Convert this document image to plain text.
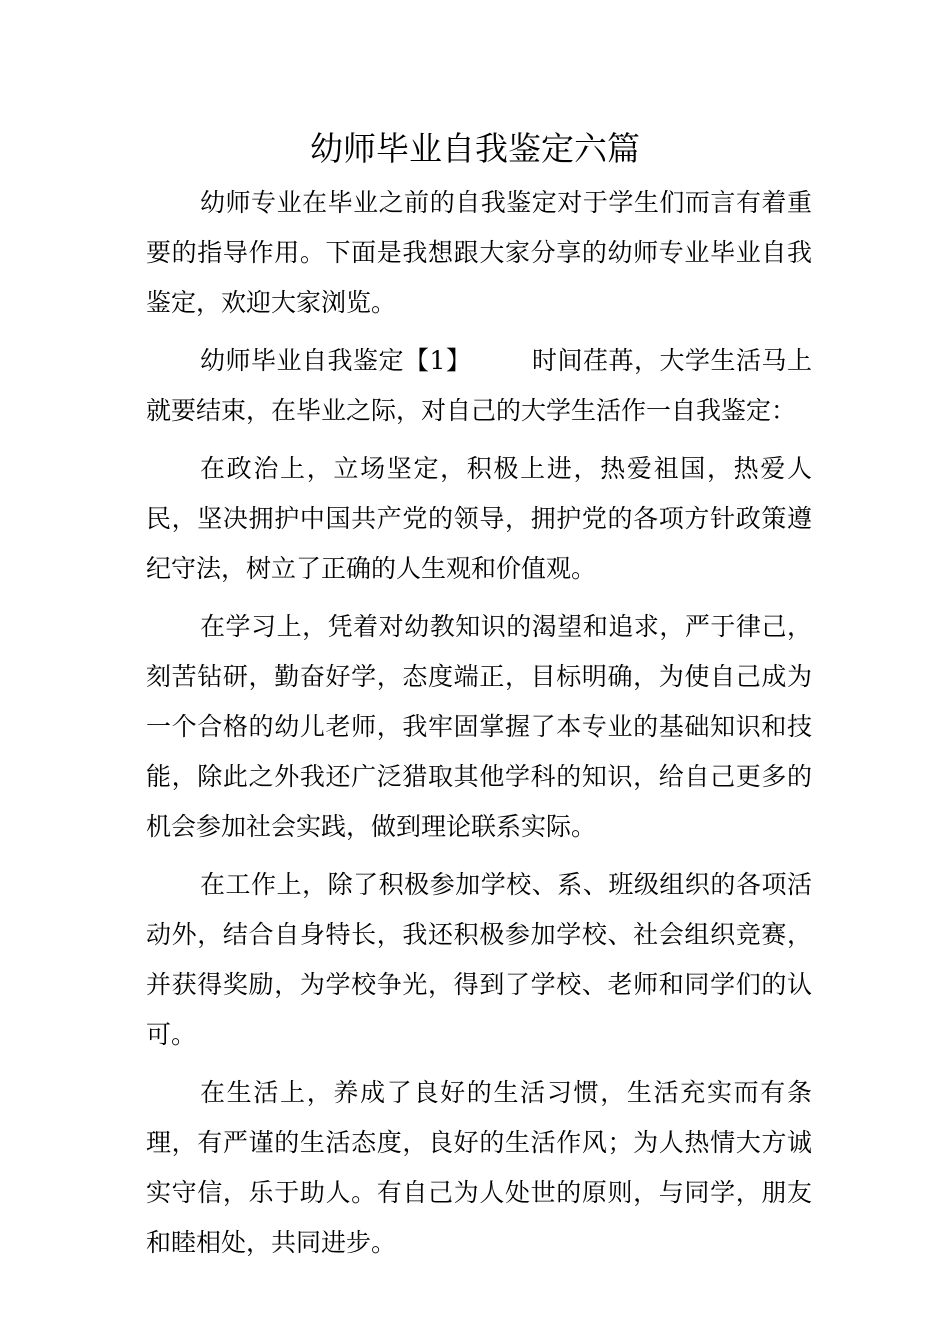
幼师毕业自我鉴定六篇

幼师专业在毕业之前的自我鉴定对于学生们而言有着重要的指导作用。下面是我想跟大家分享的幼师专业毕业自我鉴定，欢迎大家浏览。

幼师毕业自我鉴定【1】 时间荏苒，大学生活马上就要结束，在毕业之际，对自己的大学生活作一自我鉴定：

在政治上，立场坚定，积极上进，热爱祖国，热爱人民，坚决拥护中国共产党的领导，拥护党的各项方针政策遵纪守法，树立了正确的人生观和价值观。

在学习上，凭着对幼教知识的渴望和追求，严于律己，刻苦钻研，勤奋好学，态度端正，目标明确，为使自己成为一个合格的幼儿老师，我牢固掌握了本专业的基础知识和技能，除此之外我还广泛猎取其他学科的知识，给自己更多的机会参加社会实践，做到理论联系实际。

在工作上，除了积极参加学校、系、班级组织的各项活动外，结合自身特长，我还积极参加学校、社会组织竞赛，并获得奖励，为学校争光，得到了学校、老师和同学们的认可。

在生活上，养成了良好的生活习惯，生活充实而有条理，有严谨的生活态度，良好的生活作风；为人热情大方诚实守信，乐于助人。有自己为人处世的原则，与同学，朋友和睦相处，共同进步。
